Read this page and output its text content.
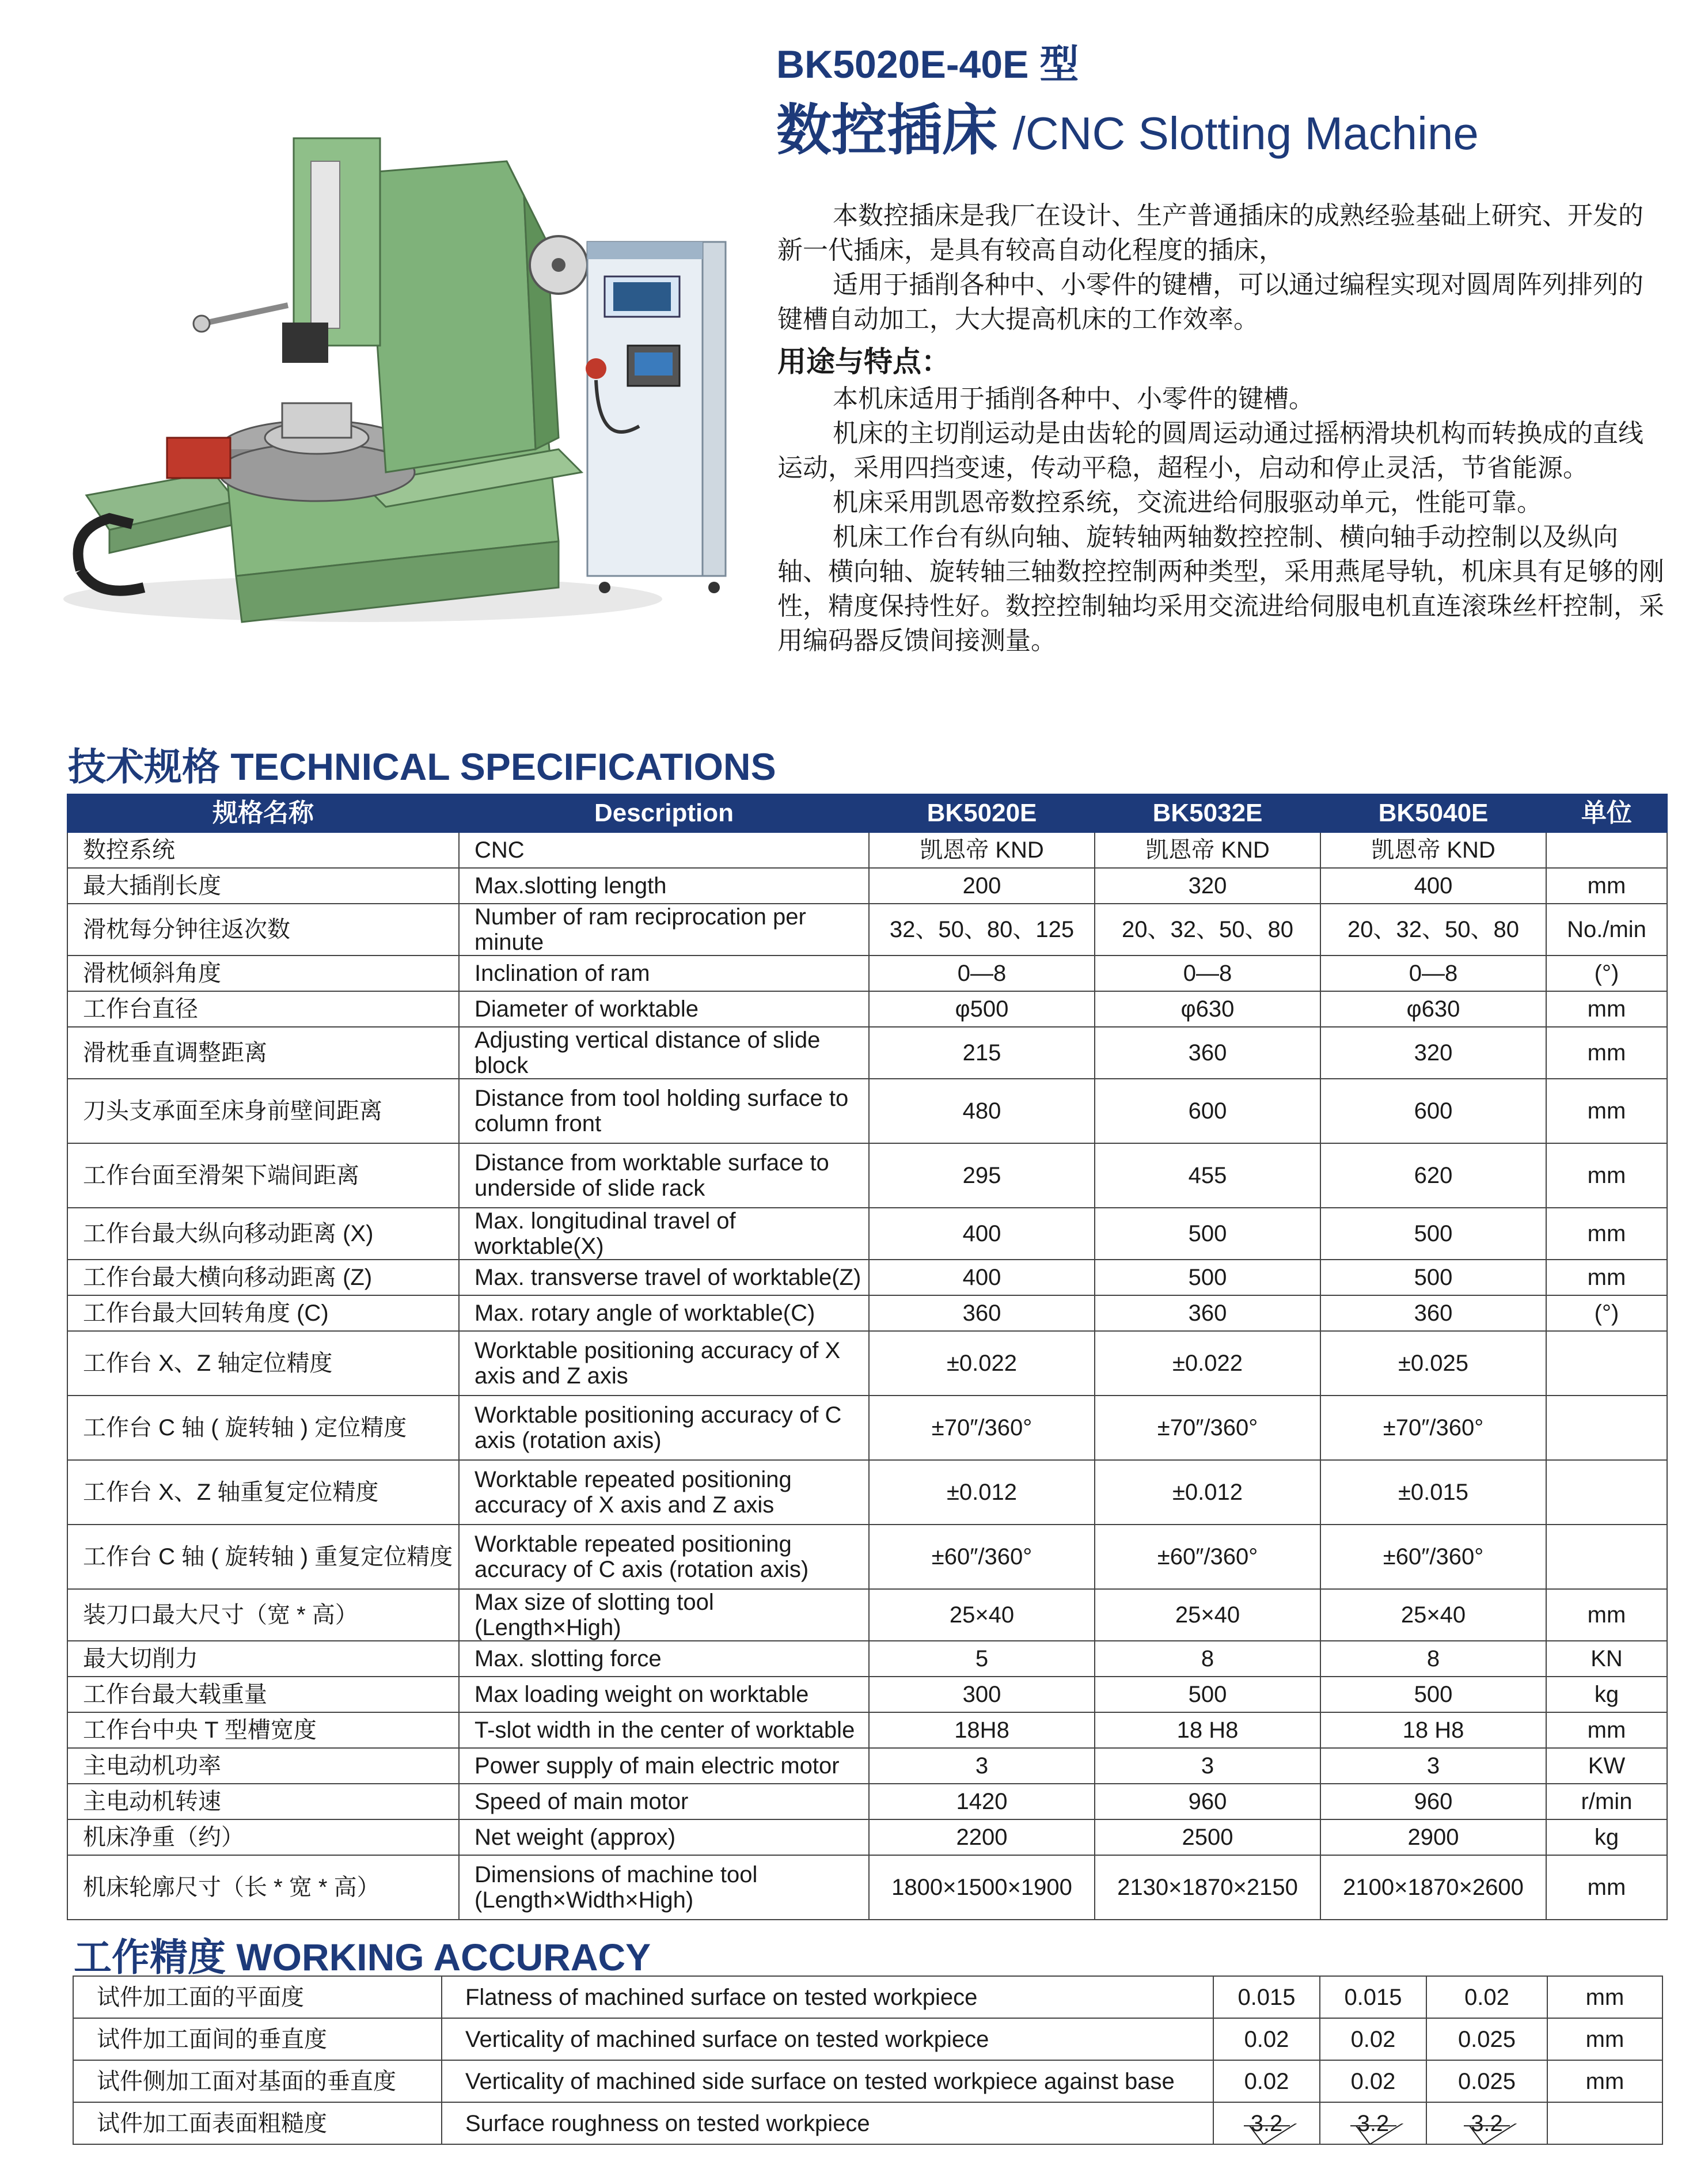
BK5020E-40E 型
数控插床 /CNC Slotting Machine

本数控插床是我厂在设计、生产普通插床的成熟经验基础上研究、开发的新一代插床，是具有较高自动化程度的插床，

适用于插削各种中、小零件的键槽，可以通过编程实现对圆周阵列排列的键槽自动加工，大大提高机床的工作效率。

用途与特点：

本机床适用于插削各种中、小零件的键槽。

机床的主切削运动是由齿轮的圆周运动通过摇柄滑块机构而转换成的直线运动，采用四挡变速，传动平稳，超程小，启动和停止灵活，节省能源。

机床采用凯恩帝数控系统，交流进给伺服驱动单元，性能可靠。

机床工作台有纵向轴、旋转轴两轴数控控制、横向轴手动控制以及纵向轴、横向轴、旋转轴三轴数控控制两种类型，采用燕尾导轨，机床具有足够的刚性，精度保持性好。数控控制轴均采用交流进给伺服电机直连滚珠丝杆控制，采用编码器反馈间接测量。

技术规格 TECHNICAL SPECIFICATIONS
规格名称	Description	BK5020E	BK5032E	BK5040E	单位
数控系统	CNC	凯恩帝 KND	凯恩帝 KND	凯恩帝 KND	
最大插削长度	Max.slotting length	200	320	400	mm
滑枕每分钟往返次数	Number of ram reciprocation per minute	32、50、80、125	20、32、50、80	20、32、50、80	No./min
滑枕倾斜角度	Inclination of ram	0—8	0—8	0—8	(°)
工作台直径	Diameter of worktable	φ500	φ630	φ630	mm
滑枕垂直调整距离	Adjusting vertical distance of slide block	215	360	320	mm
刀头支承面至床身前壁间距离	Distance from tool holding surface to column front	480	600	600	mm
工作台面至滑架下端间距离	Distance from worktable surface to underside of slide rack	295	455	620	mm
工作台最大纵向移动距离 (X)	Max. longitudinal travel of worktable(X)	400	500	500	mm
工作台最大横向移动距离 (Z)	Max. transverse travel of worktable(Z)	400	500	500	mm
工作台最大回转角度 (C)	Max. rotary angle of worktable(C)	360	360	360	(°)
工作台 X、Z 轴定位精度	Worktable positioning accuracy of X axis and Z axis	±0.022	±0.022	±0.025	
工作台 C 轴 ( 旋转轴 ) 定位精度	Worktable positioning accuracy of C axis (rotation axis)	±70″/360°	±70″/360°	±70″/360°	
工作台 X、Z 轴重复定位精度	Worktable repeated positioning accuracy of X axis and Z axis	±0.012	±0.012	±0.015	
工作台 C 轴 ( 旋转轴 ) 重复定位精度	Worktable repeated positioning accuracy of C axis (rotation axis)	±60″/360°	±60″/360°	±60″/360°	
装刀口最大尺寸（宽 * 高）	Max size of slotting tool (Length×High)	25×40	25×40	25×40	mm
最大切削力	Max. slotting force	5	8	8	KN
工作台最大载重量	Max loading weight on worktable	300	500	500	kg
工作台中央 T 型槽宽度	T-slot width in the center of worktable	18H8	18 H8	18 H8	mm
主电动机功率	Power supply of main electric motor	3	3	3	KW
主电动机转速	Speed of main motor	1420	960	960	r/min
机床净重（约）	Net weight (approx)	2200	2500	2900	kg
机床轮廓尺寸（长 * 宽 * 高）	Dimensions of machine tool (Length×Width×High)	1800×1500×1900	2130×1870×2150	2100×1870×2600	mm
工作精度 WORKING ACCURACY
试件加工面的平面度	Flatness of machined surface on tested workpiece	0.015	0.015	0.02	mm
试件加工面间的垂直度	Verticality of machined surface on tested workpiece	0.02	0.02	0.025	mm
试件侧加工面对基面的垂直度	Verticality of machined side surface on tested workpiece against base	0.02	0.02	0.025	mm
试件加工面表面粗糙度	Surface roughness on tested workpiece	3.2	3.2	3.2
